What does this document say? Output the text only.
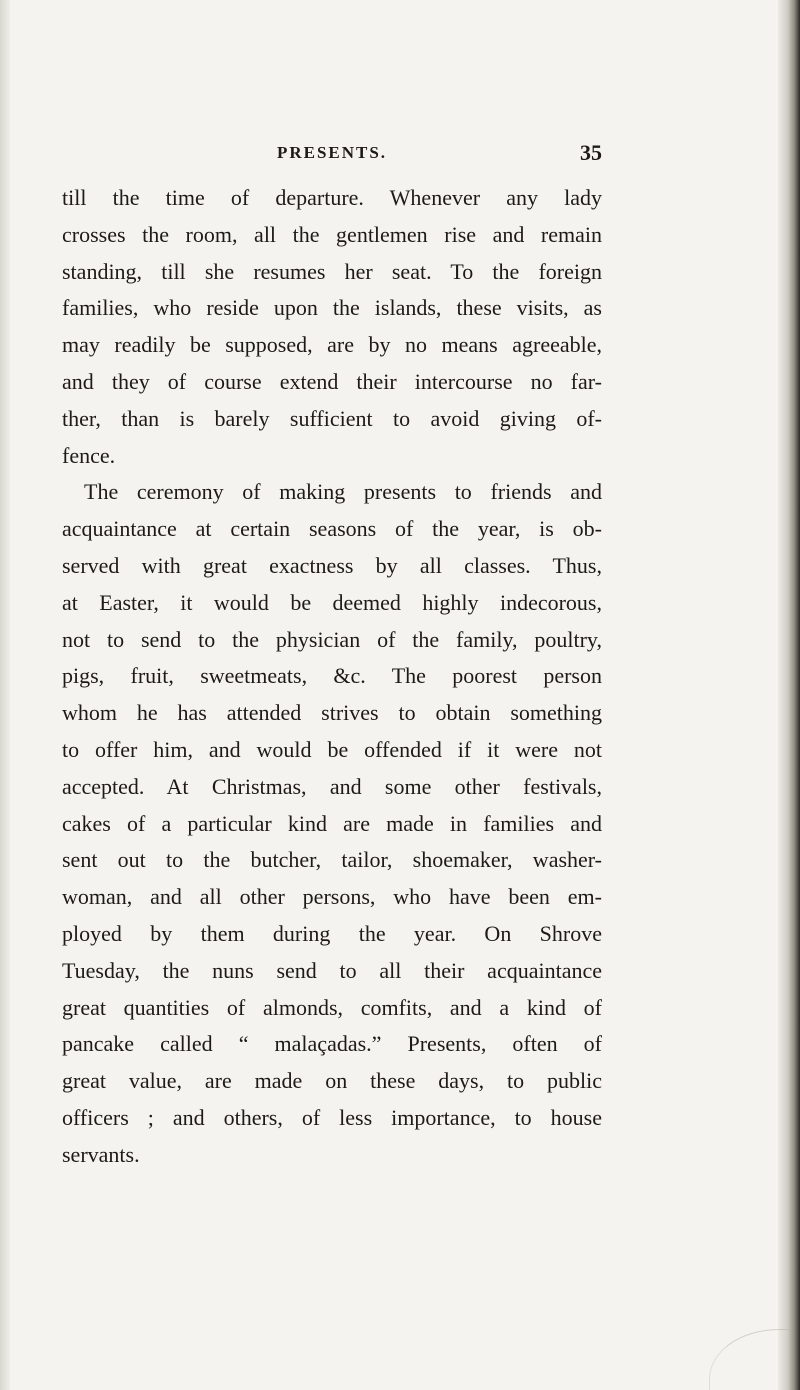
PRESENTS.	35
till the time of departure. Whenever any lady
crosses the room, all the gentlemen rise and remain
standing, till she resumes her seat. To the foreign
families, who reside upon the islands, these visits, as
may readily be supposed, are by no means agreeable,
and they of course extend their intercourse no far-
ther, than is barely sufficient to avoid giving of-
fence.
The ceremony of making presents to friends and
acquaintance at certain seasons of the year, is ob-
served with great exactness by all classes. Thus,
at Easter, it would be deemed highly indecorous,
not to send to the physician of the family, poultry,
pigs, fruit, sweetmeats, &c. The poorest person
whom he has attended strives to obtain something
to offer him, and would be offended if it were not
accepted. At Christmas, and some other festivals,
cakes of a particular kind are made in families and
sent out to the butcher, tailor, shoemaker, washer-
woman, and all other persons, who have been em-
ployed by them during the year. On Shrove
Tuesday, the nuns send to all their acquaintance
great quantities of almonds, comfits, and a kind of
pancake called “ malaçadas.” Presents, often of
great value, are made on these days, to public
officers ; and others, of less importance, to house
servants.
